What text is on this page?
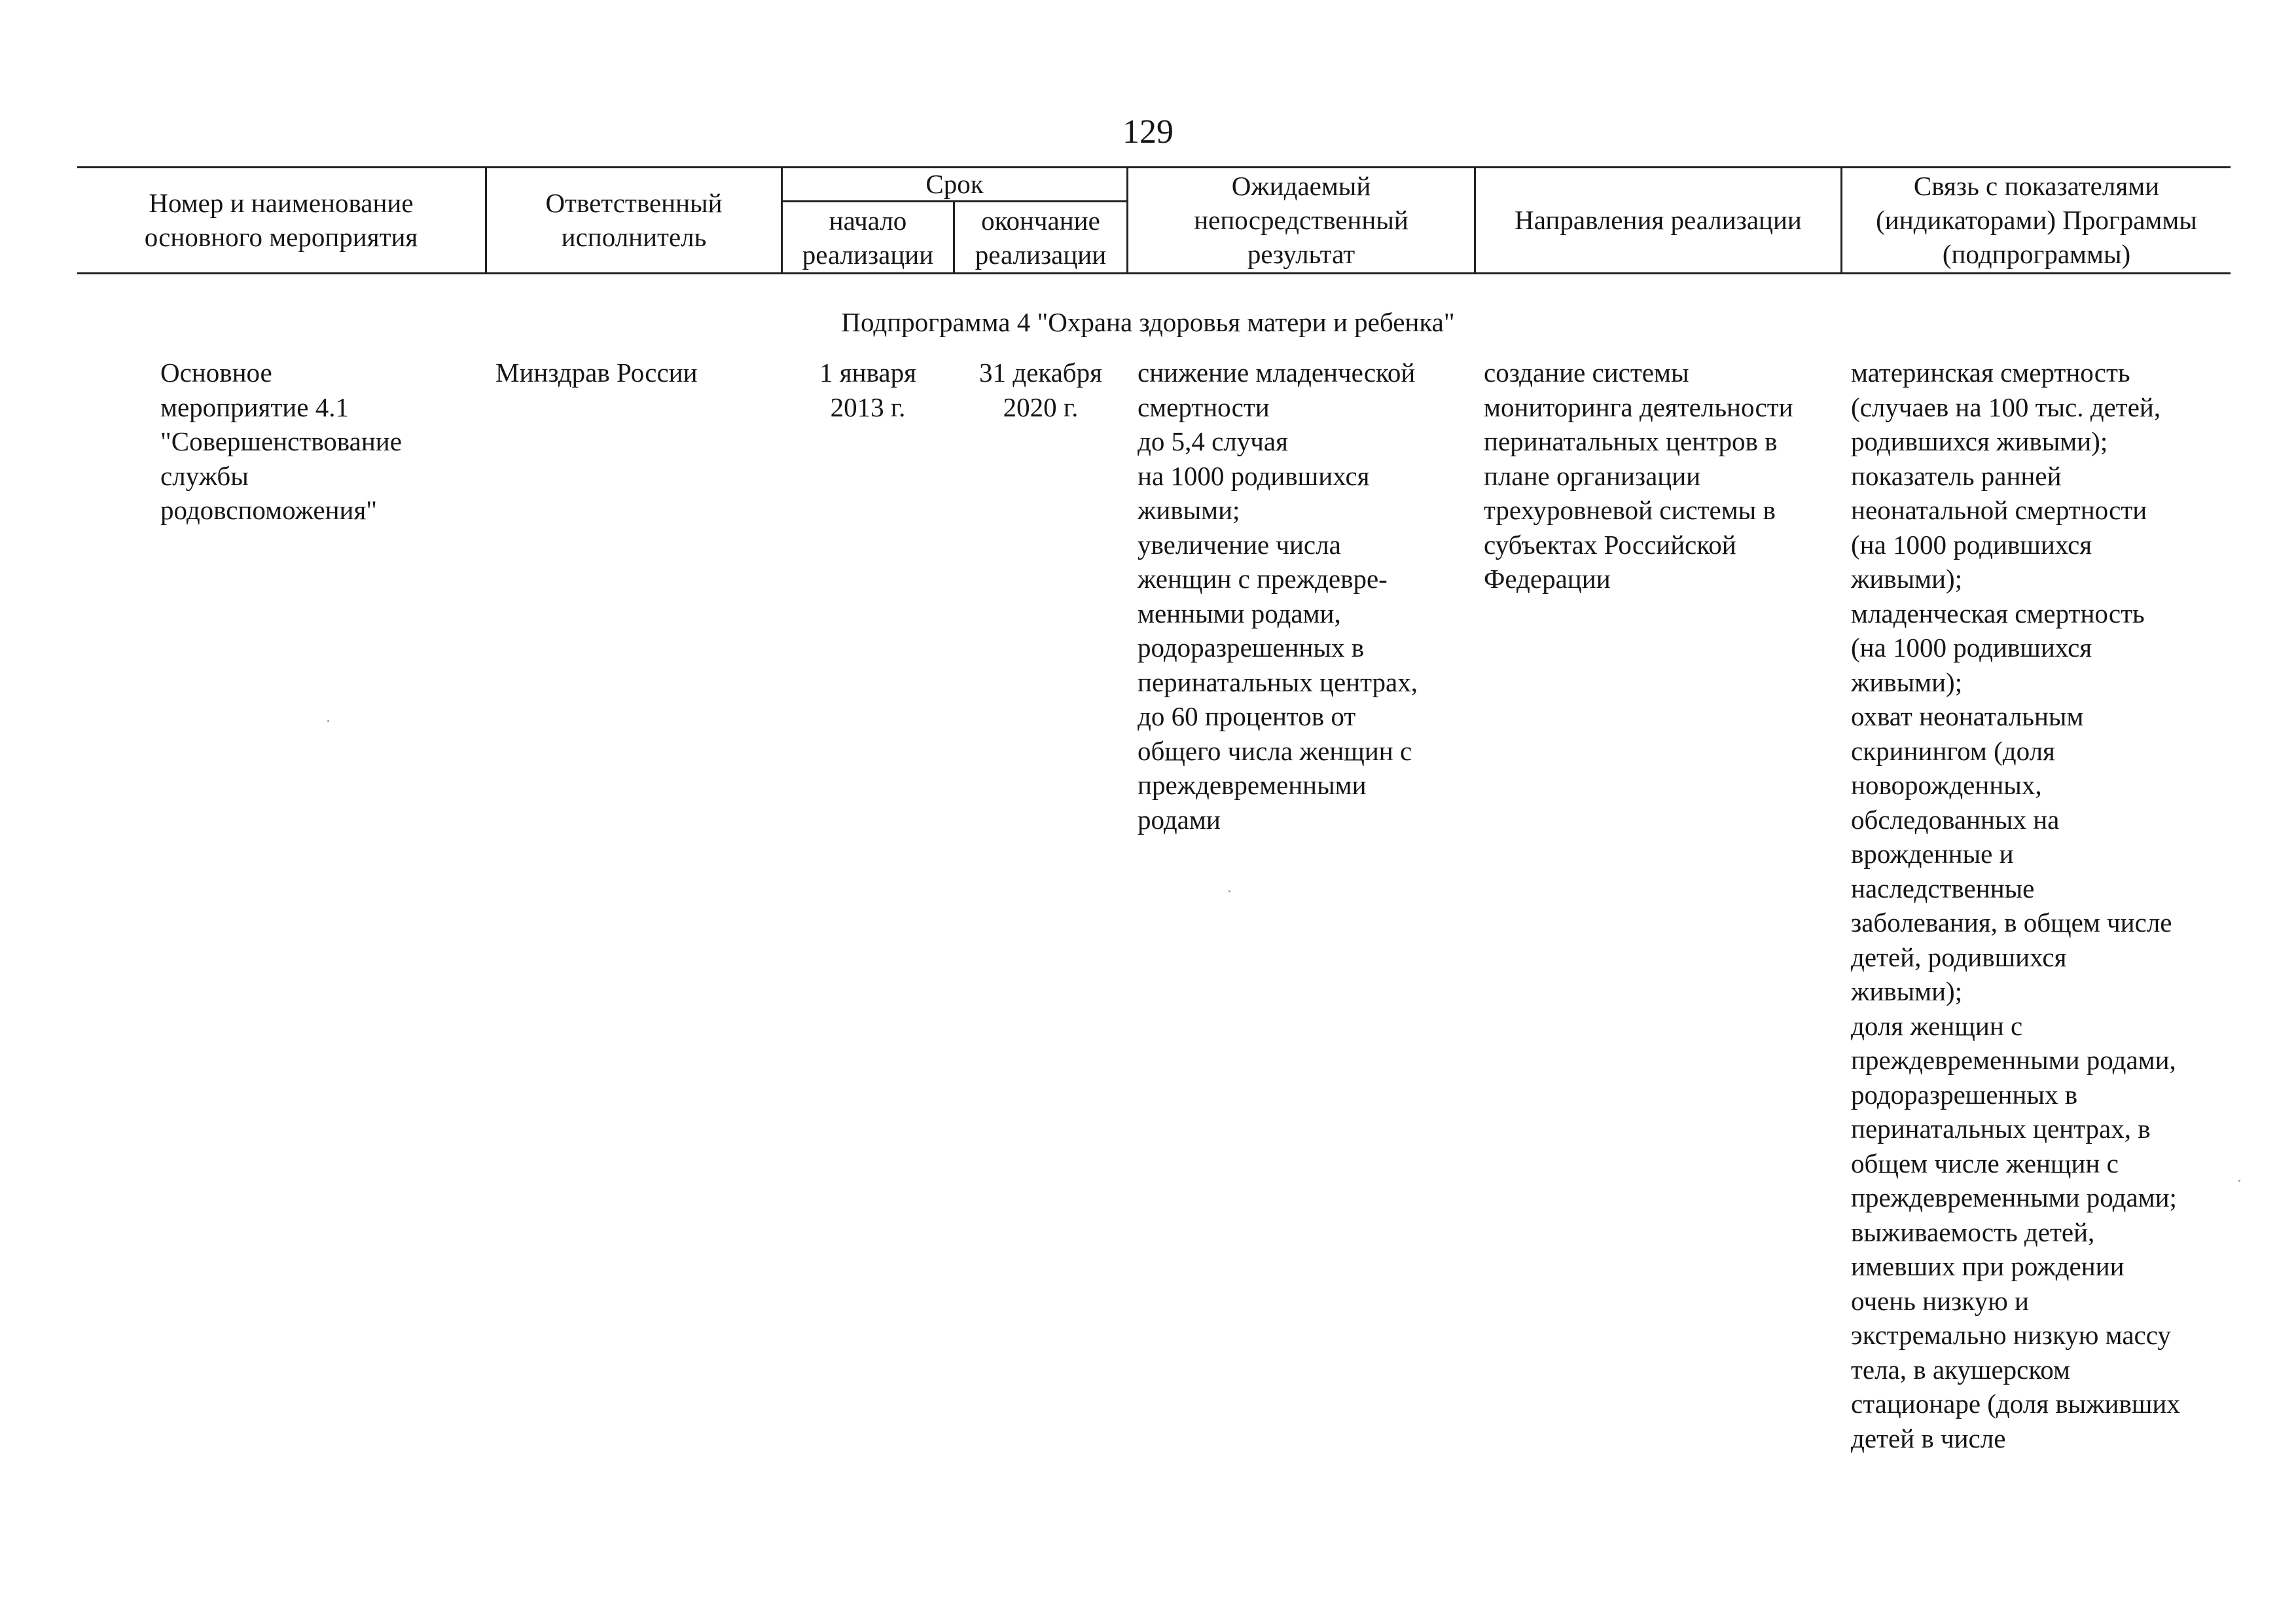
129
Номер и наименование
основного мероприятия
Ответственный
исполнитель
Срок
начало
реализации
окончание
реализации
Ожидаемый
непосредственный
результат
Направления реализации
Связь с показателями
(индикаторами) Программы
(подпрограммы)
Подпрограмма 4 "Охрана здоровья матери и ребенка"
Основное
мероприятие 4.1
"Совершенствование
службы
родовспоможения"
Минздрав России	1 января
2013 г.
31 декабря
2020 г.
снижение младенческой
смертности
до 5,4 случая
на 1000 родившихся
живыми;
увеличение числа
женщин с преждевре-
менными родами,
родоразрешенных в
перинатальных центрах,
до 60 процентов от
общего числа женщин с
преждевременными
родами
создание системы
мониторинга деятельности
перинатальных центров в
плане организации
трехуровневой системы в
субъектах Российской
Федерации
материнская смертность
(случаев на 100 тыс. детей,
родившихся живыми);
показатель ранней
неонатальной смертности
(на 1000 родившихся
живыми);
младенческая смертность
(на 1000 родившихся
живыми);
охват неонатальным
скринингом (доля
новорожденных,
обследованных на
врожденные и
наследственные
заболевания, в общем числе
детей, родившихся
живыми);
доля женщин с
преждевременными родами,
родоразрешенных в
перинатальных центрах, в
общем числе женщин с
преждевременными родами;
выживаемость детей,
имевших при рождении
очень низкую и
экстремально низкую массу
тела, в акушерском
стационаре (доля выживших
детей в числе
